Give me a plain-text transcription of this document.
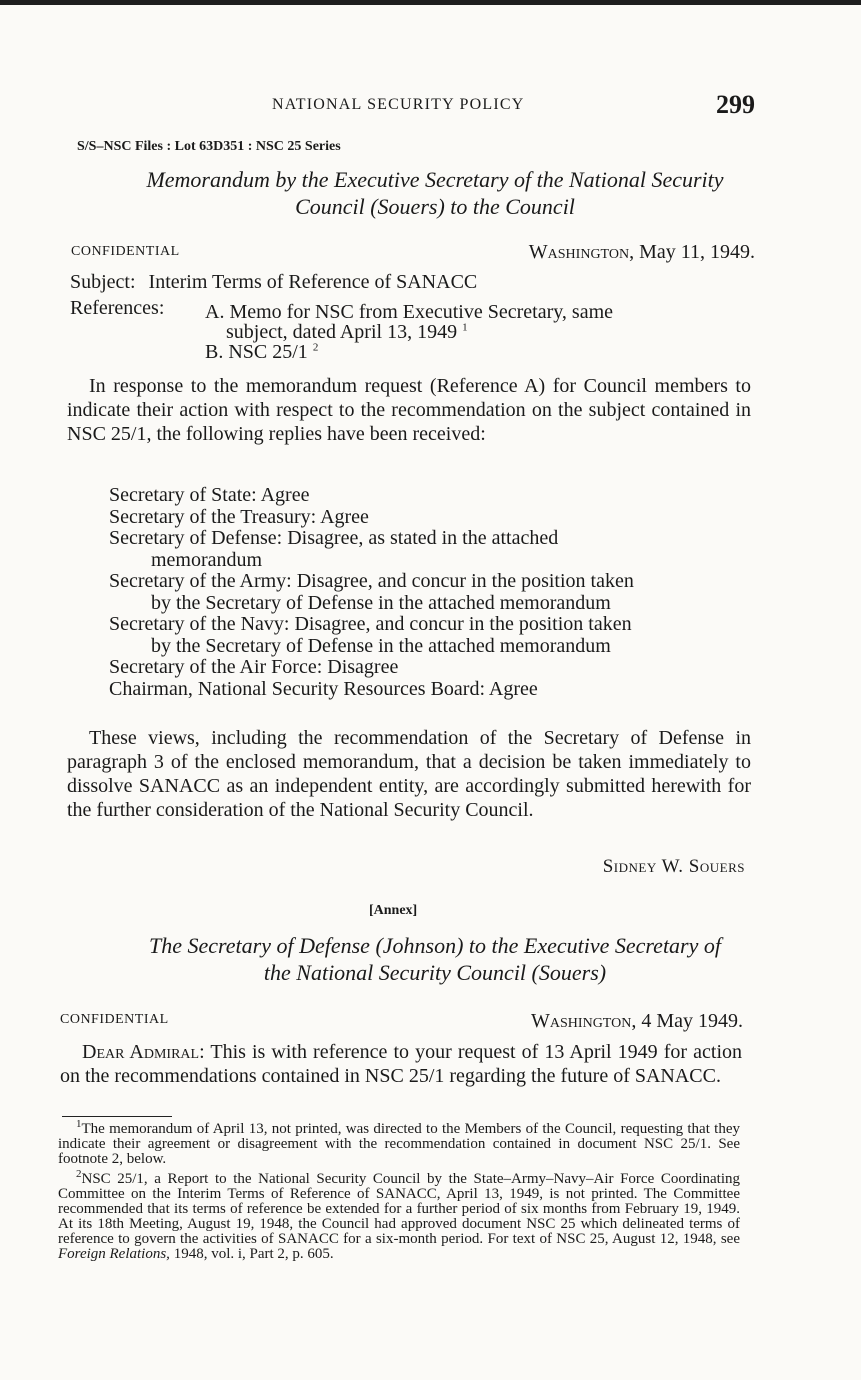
NATIONAL SECURITY POLICY	299
S/S–NSC Files : Lot 63D351 : NSC 25 Series
Memorandum by the Executive Secretary of the National Security
Council (Souers) to the Council
CONFIDENTIAL	Washington, May 11, 1949.
Subject: Interim Terms of Reference of SANACC
References: A. Memo for NSC from Executive Secretary, same
subject, dated April 13, 1949 $^1$
B. NSC 25/1 $^2$
In response to the memorandum request (Reference A) for Council members to indicate their action with respect to the recommendation on the subject contained in NSC 25/1, the following replies have been received:
Secretary of State: Agree
Secretary of the Treasury: Agree
Secretary of Defense: Disagree, as stated in the attached
memorandum
Secretary of the Army: Disagree, and concur in the position taken
by the Secretary of Defense in the attached memorandum
Secretary of the Navy: Disagree, and concur in the position taken
by the Secretary of Defense in the attached memorandum
Secretary of the Air Force: Disagree
Chairman, National Security Resources Board: Agree
These views, including the recommendation of the Secretary of Defense in paragraph 3 of the enclosed memorandum, that a decision be taken immediately to dissolve SANACC as an independent entity, are accordingly submitted herewith for the further consideration of the National Security Council.
Sidney W. Souers
[Annex]
The Secretary of Defense (Johnson) to the Executive Secretary of
the National Security Council (Souers)
CONFIDENTIAL	Washington, 4 May 1949.
Dear Admiral: This is with reference to your request of 13 April 1949 for action on the recommendations contained in NSC 25/1 regarding the future of SANACC.
$^1$The memorandum of April 13, not printed, was directed to the Members of the Council, requesting that they indicate their agreement or disagreement with the recommendation contained in document NSC 25/1. See footnote 2, below.
$^2$NSC 25/1, a Report to the National Security Council by the State–Army–Navy–Air Force Coordinating Committee on the Interim Terms of Reference of SANACC, April 13, 1949, is not printed. The Committee recommended that its terms of reference be extended for a further period of six months from February 19, 1949. At its 18th Meeting, August 19, 1948, the Council had approved document NSC 25 which delineated terms of reference to govern the activities of SANACC for a six-month period. For text of NSC 25, August 12, 1948, see Foreign Relations, 1948, vol. i, Part 2, p. 605.
